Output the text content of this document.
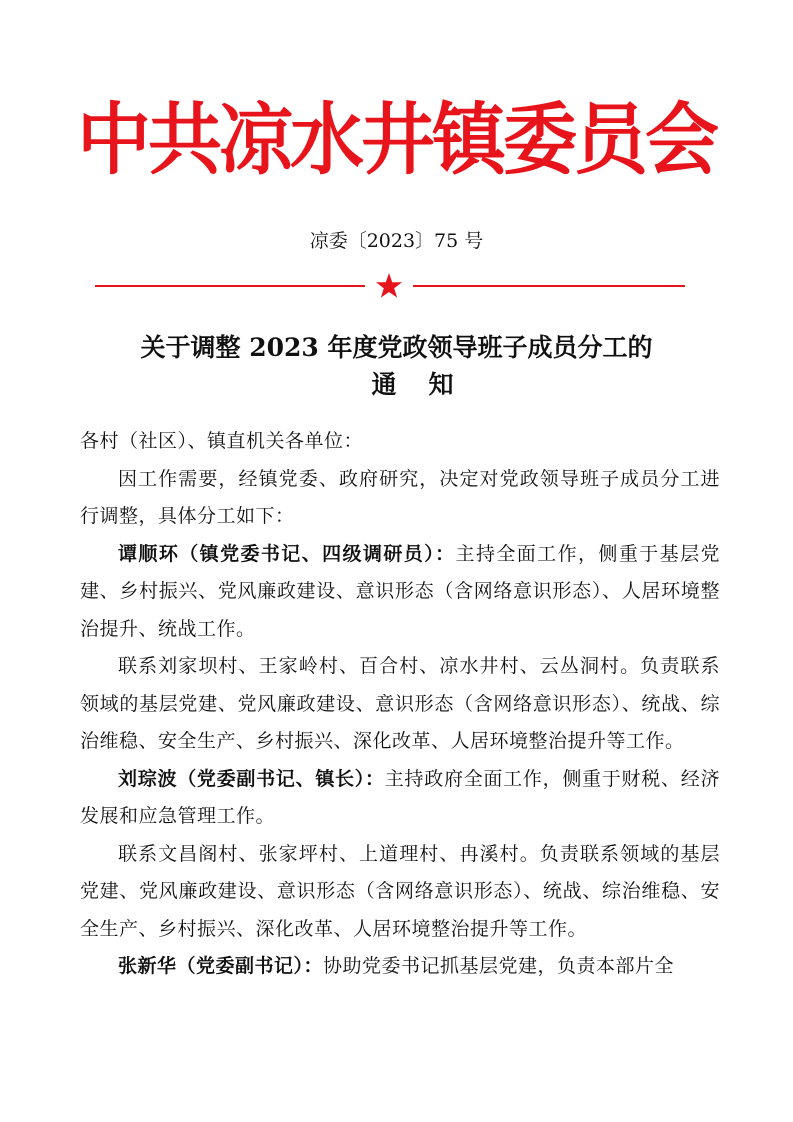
中共凉水井镇委员会
凉委〔2023〕75 号
关于调整 2023 年度党政领导班子成员分工的
通知

各村（社区）、镇直机关各单位：

因工作需要，经镇党委、政府研究，决定对党政领导班子成员分工进行调整，具体分工如下：

谭顺环（镇党委书记、四级调研员）：主持全面工作，侧重于基层党建、乡村振兴、党风廉政建设、意识形态（含网络意识形态）、人居环境整治提升、统战工作。

联系刘家坝村、王家岭村、百合村、凉水井村、云丛洞村。负责联系领域的基层党建、党风廉政建设、意识形态（含网络意识形态）、统战、综治维稳、安全生产、乡村振兴、深化改革、人居环境整治提升等工作。

刘琮波（党委副书记、镇长）：主持政府全面工作，侧重于财税、经济发展和应急管理工作。

联系文昌阁村、张家坪村、上道理村、冉溪村。负责联系领域的基层党建、党风廉政建设、意识形态（含网络意识形态）、统战、综治维稳、安全生产、乡村振兴、深化改革、人居环境整治提升等工作。

张新华（党委副书记）：协助党委书记抓基层党建，负责本部片全
